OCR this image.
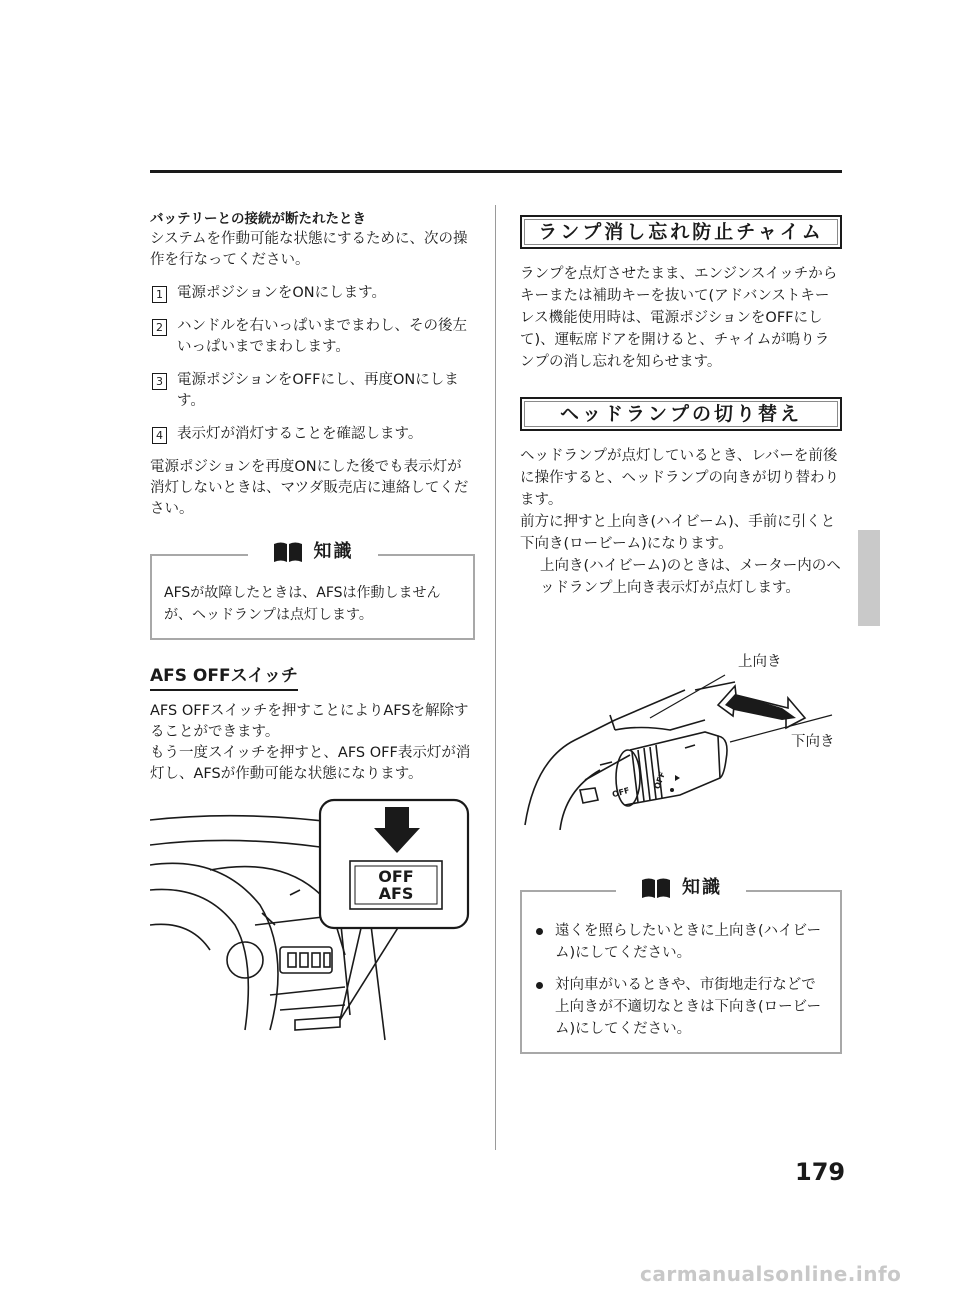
バッテリーとの接続が断たれたとき

システムを作動可能な状態にするために、次の操作を行なってください。

1 電源ポジションをONにします。
2 ハンドルを右いっぱいまでまわし、その後左いっぱいまでまわします。
3 電源ポジションをOFFにし、再度ONにします。
4 表示灯が消灯することを確認します。

電源ポジションを再度ONにした後でも表示灯が消灯しないときは、マツダ販売店に連絡してください。

知識

AFSが故障したときは、AFSは作動しませんが、ヘッドランプは点灯します。

AFS OFFスイッチ

AFS OFFスイッチを押すことによりAFSを解除することができます。

もう一度スイッチを押すと、AFS OFF表示灯が消灯し、AFSが作動可能な状態になります。

OFF
AFS
ランプ消し忘れ防止チャイム

ランプを点灯させたまま、エンジンスイッチからキーまたは補助キーを抜いて(アドバンストキーレス機能使用時は、電源ポジションをOFFにして)、運転席ドアを開けると、チャイムが鳴りランプの消し忘れを知らせます。

ヘッドランプの切り替え

ヘッドランプが点灯しているとき、レバーを前後に操作すると、ヘッドランプの向きが切り替わります。

前方に押すと上向き(ハイビーム)、手前に引くと下向き(ロービーム)になります。

上向き(ハイビーム)のときは、メーター内のヘッドランプ上向き表示灯が点灯します。

上向き
下向き
OFF
OFF
知識
遠くを照らしたいときに上向き(ハイビーム)にしてください。
対向車がいるときや、市街地走行などで上向きが不適切なときは下向き(ロービーム)にしてください。
179
carmanualsonline.info
